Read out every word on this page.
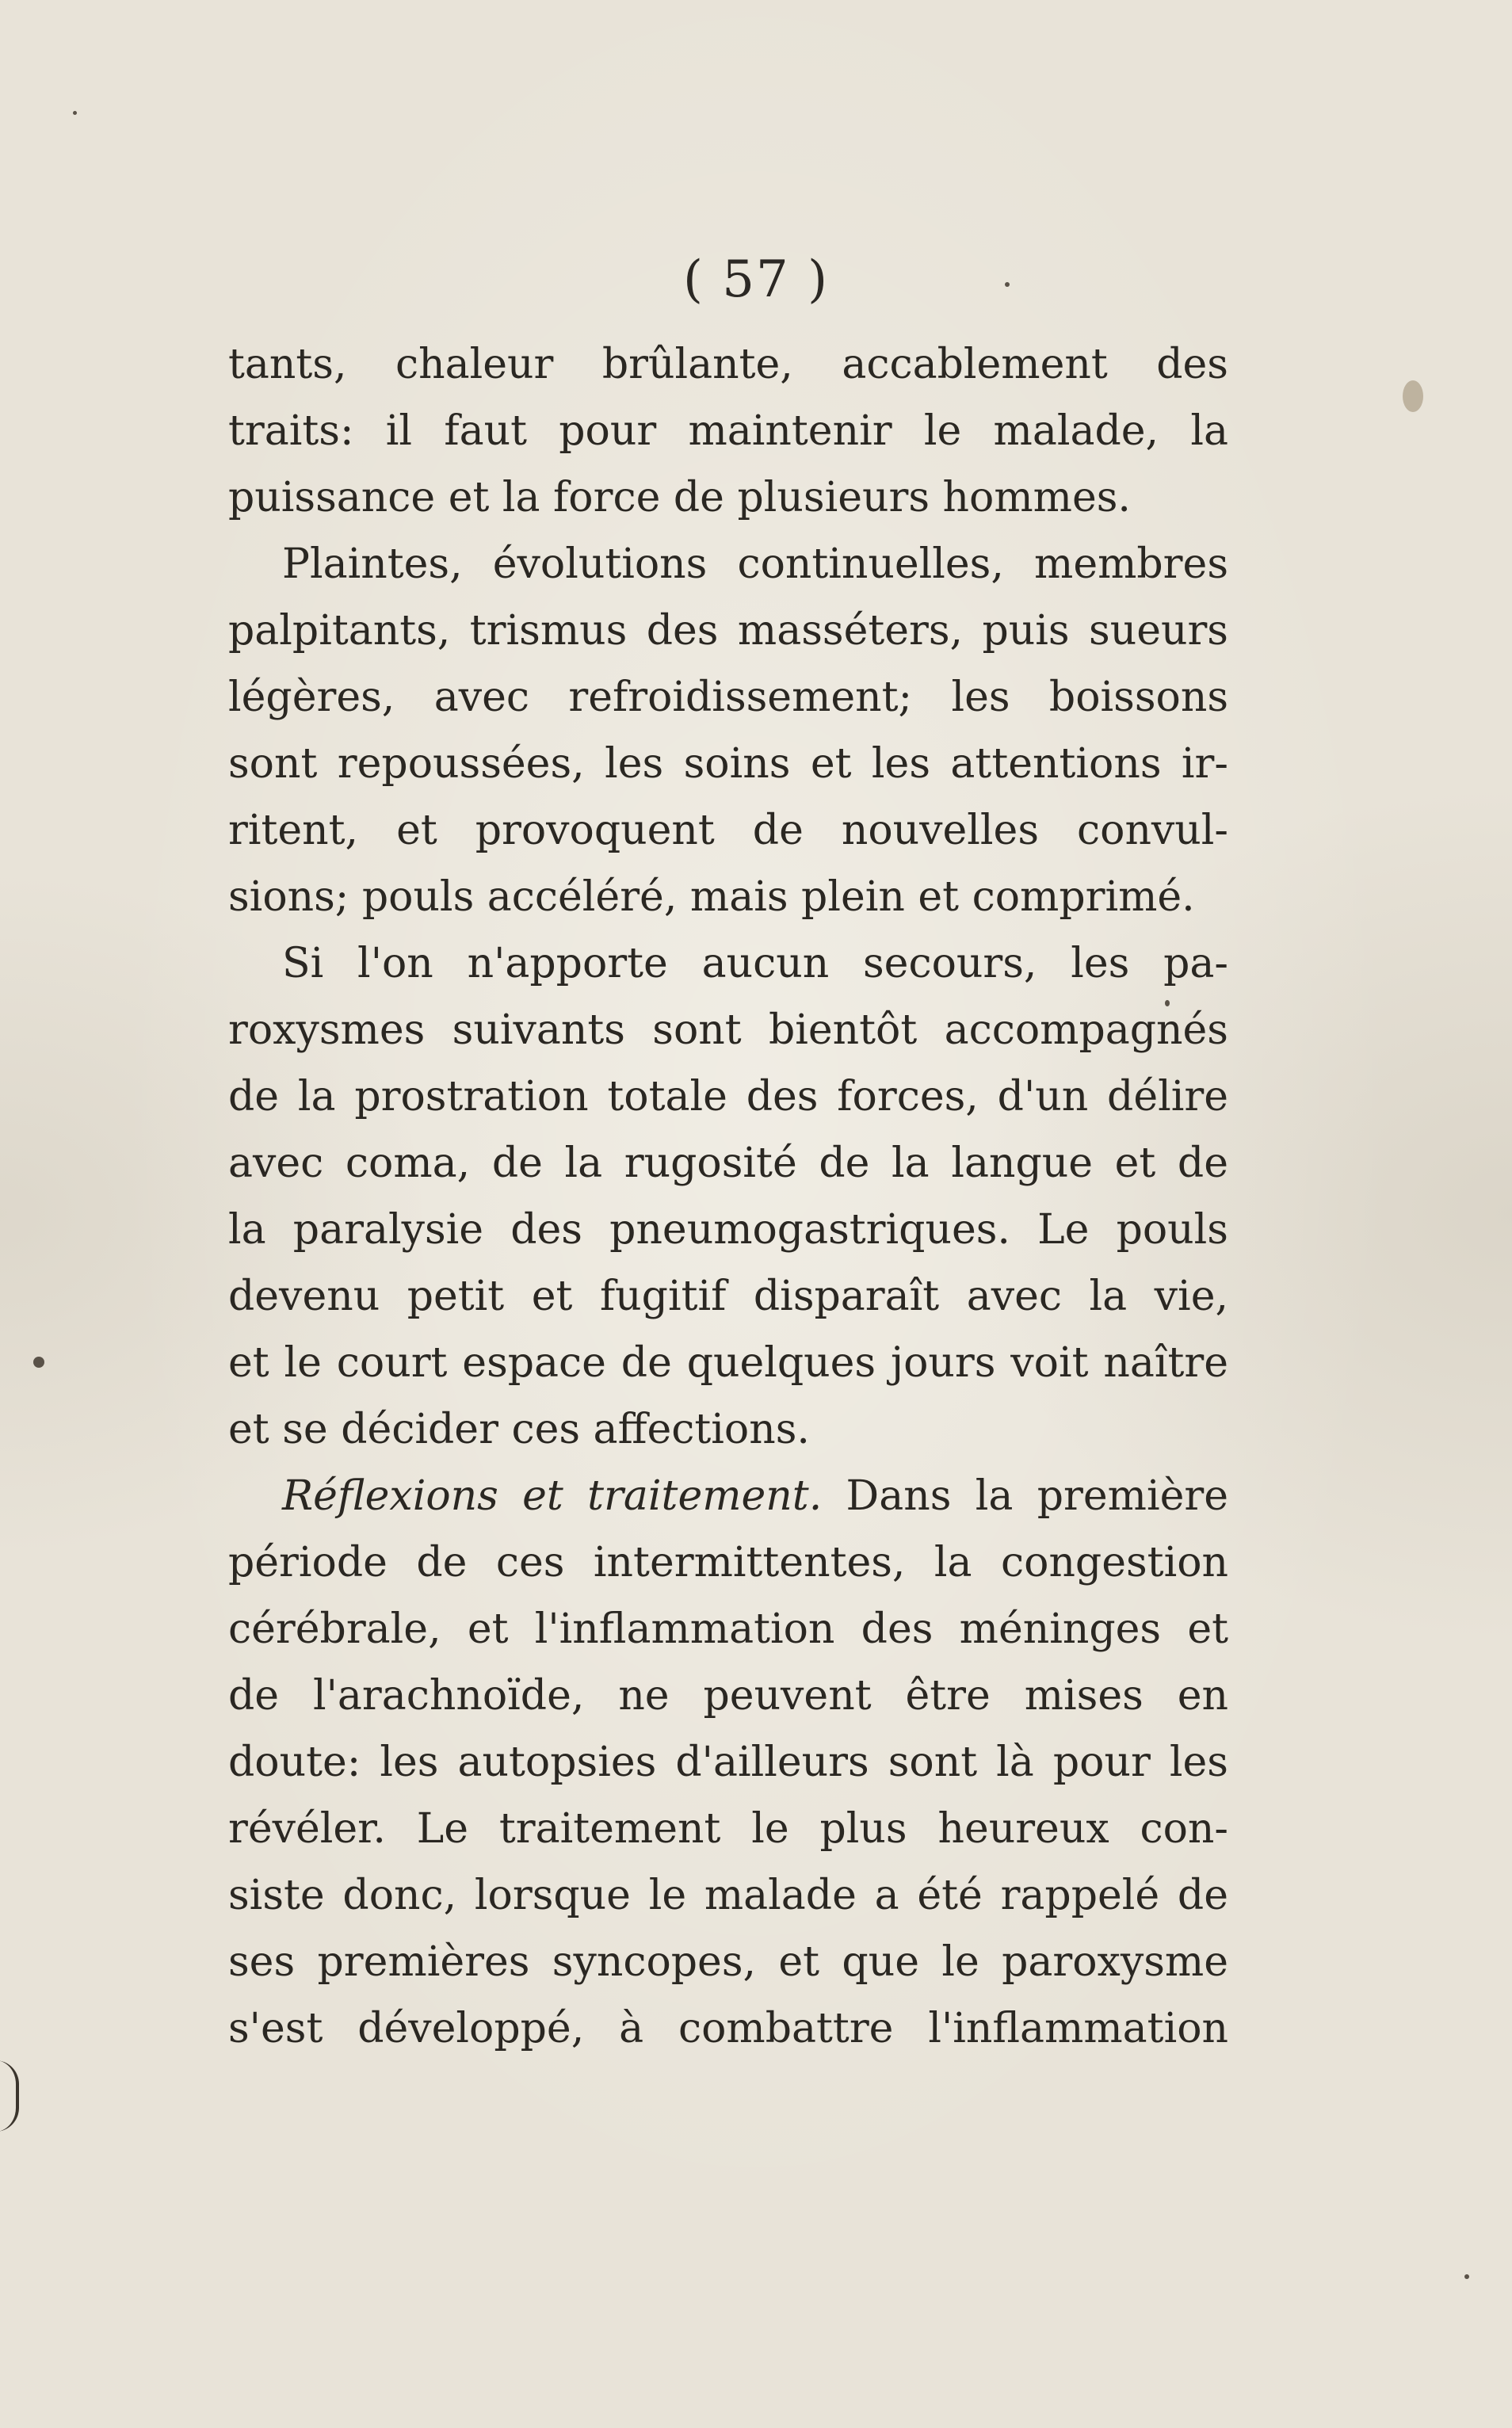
( 57 )
tants, chaleur brûlante, accablement des
traits: il faut pour maintenir le malade, la
puissance et la force de plusieurs hommes.
Plaintes, évolutions continuelles, membres
palpitants, trismus des masséters, puis sueurs
légères, avec refroidissement; les boissons
sont repoussées, les soins et les attentions ir-
ritent, et provoquent de nouvelles convul-
sions; pouls accéléré, mais plein et comprimé.
Si l'on n'apporte aucun secours, les pa-
roxysmes suivants sont bientôt accompagnés
de la prostration totale des forces, d'un délire
avec coma, de la rugosité de la langue et de
la paralysie des pneumogastriques. Le pouls
devenu petit et fugitif disparaît avec la vie,
et le court espace de quelques jours voit naître
et se décider ces affections.
Réflexions et traitement. Dans la première
période de ces intermittentes, la congestion
cérébrale, et l'inflammation des méninges et
de l'arachnoïde, ne peuvent être mises en
doute: les autopsies d'ailleurs sont là pour les
révéler. Le traitement le plus heureux con-
siste donc, lorsque le malade a été rappelé de
ses premières syncopes, et que le paroxysme
s'est développé, à combattre l'inflammation
